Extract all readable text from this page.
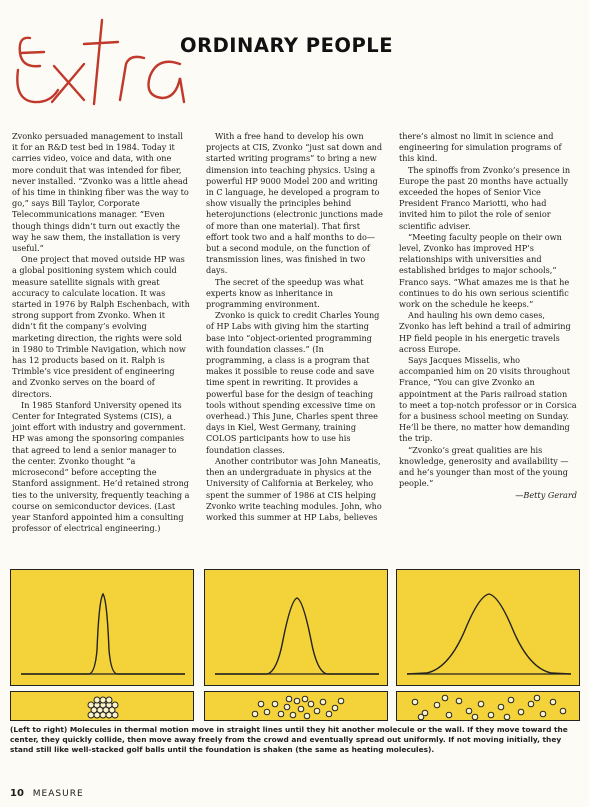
ORDINARY PEOPLE

Zvonko persuaded management to install it for an R&D test bed in 1984. Today it carries video, voice and data, with one more conduit that was intended for fiber, never installed. “Zvonko was a little ahead of his time in thinking fiber was the way to go,” says Bill Taylor, Corporate Telecommunications manager. “Even though things didn’t turn out exactly the way he saw them, the installation is very useful.”

One project that moved outside HP was a global positioning system which could measure satellite signals with great accuracy to calculate location. It was started in 1976 by Ralph Eschenbach, with strong support from Zvonko. When it didn’t fit the company’s evolving marketing direction, the rights were sold in 1980 to Trimble Navigation, which now has 12 products based on it. Ralph is Trimble’s vice president of engineering and Zvonko serves on the board of directors.

In 1985 Stanford University opened its Center for Integrated Systems (CIS), a joint effort with industry and government. HP was among the sponsoring companies that agreed to lend a senior manager to the center. Zvonko thought “a microsecond” before accepting the Stanford assignment. He’d retained strong ties to the university, frequently teaching a course on semiconductor devices. (Last year Stanford appointed him a consulting professor of electrical engineering.)

With a free hand to develop his own projects at CIS, Zvonko “just sat down and started writing programs” to bring a new dimension into teaching physics. Using a powerful HP 9000 Model 200 and writing in C language, he developed a program to show visually the principles behind heterojunctions (electronic junctions made of more than one material). That first effort took two and a half months to do—but a second module, on the function of transmission lines, was finished in two days.

The secret of the speedup was what experts know as inheritance in programming environment.

Zvonko is quick to credit Charles Young of HP Labs with giving him the starting base into “object-oriented programming with foundation classes.” (In programming, a class is a program that makes it possible to reuse code and save time spent in rewriting. It provides a powerful base for the design of teaching tools without spending excessive time on overhead.) This June, Charles spent three days in Kiel, West Germany, training COLOS participants how to use his foundation classes.

Another contributor was John Maneatis, then an undergraduate in physics at the University of California at Berkeley, who spent the summer of 1986 at CIS helping Zvonko write teaching modules. John, who worked this summer at HP Labs, believes

there’s almost no limit in science and engineering for simulation programs of this kind.

The spinoffs from Zvonko’s presence in Europe the past 20 months have actually exceeded the hopes of Senior Vice President Franco Mariotti, who had invited him to pilot the role of senior scientific adviser.

“Meeting faculty people on their own level, Zvonko has improved HP’s relationships with universities and established bridges to major schools,” Franco says. “What amazes me is that he continues to do his own serious scientific work on the schedule he keeps.”

And hauling his own demo cases, Zvonko has left behind a trail of admiring HP field people in his energetic travels across Europe.

Says Jacques Misselis, who accompanied him on 20 visits throughout France, “You can give Zvonko an appointment at the Paris railroad station to meet a top-notch professor or in Corsica for a business school meeting on Sunday. He’ll be there, no matter how demanding the trip.

“Zvonko’s great qualities are his knowledge, generosity and availability — and he’s younger than most of the young people.”

—Betty Gerard
(Left to right) Molecules in thermal motion move in straight lines until they hit another molecule or the wall. If they move toward the center, they quickly collide, then move away freely from the crowd and eventually spread out uniformly. If not moving initially, they stand still like well-stacked golf balls until the foundation is shaken (the same as heating molecules).
10 MEASURE
